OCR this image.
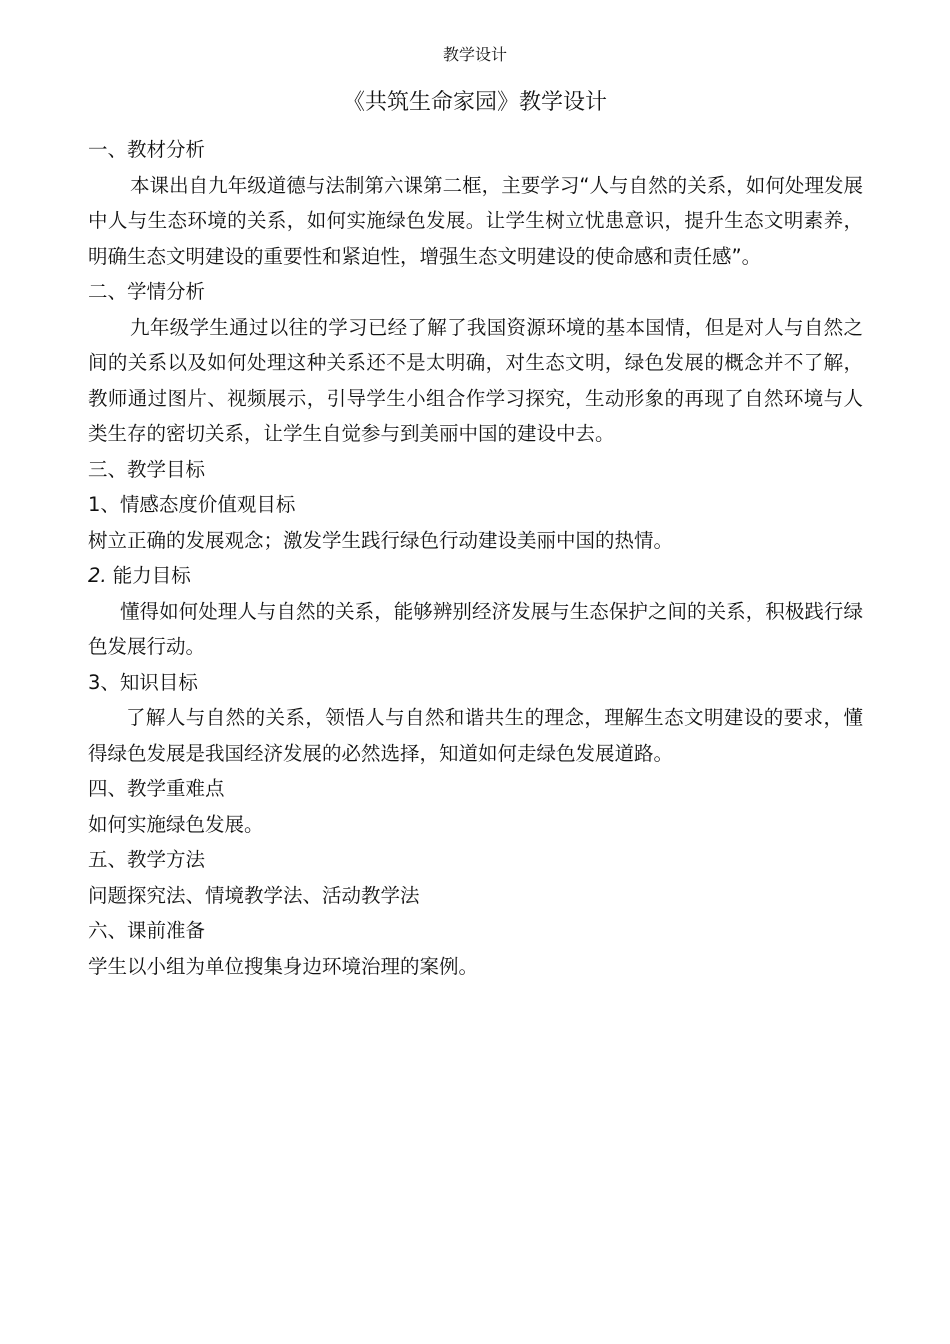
教学设计
《共筑生命家园》教学设计
一、教材分析

本课出自九年级道德与法制第六课第二框，主要学习“人与自然的关系，如何处理发展中人与生态环境的关系，如何实施绿色发展。让学生树立忧患意识，提升生态文明素养，明确生态文明建设的重要性和紧迫性，增强生态文明建设的使命感和责任感”。

二、学情分析

九年级学生通过以往的学习已经了解了我国资源环境的基本国情，但是对人与自然之间的关系以及如何处理这种关系还不是太明确，对生态文明，绿色发展的概念并不了解，教师通过图片、视频展示，引导学生小组合作学习探究，生动形象的再现了自然环境与人类生存的密切关系，让学生自觉参与到美丽中国的建设中去。

三、教学目标
1、情感态度价值观目标

树立正确的发展观念；激发学生践行绿色行动建设美丽中国的热情。

2. 能力目标

懂得如何处理人与自然的关系，能够辨别经济发展与生态保护之间的关系，积极践行绿色发展行动。

3、知识目标

了解人与自然的关系，领悟人与自然和谐共生的理念，理解生态文明建设的要求，懂得绿色发展是我国经济发展的必然选择，知道如何走绿色发展道路。

四、教学重难点

如何实施绿色发展。

五、教学方法

问题探究法、情境教学法、活动教学法

六、课前准备

学生以小组为单位搜集身边环境治理的案例。
